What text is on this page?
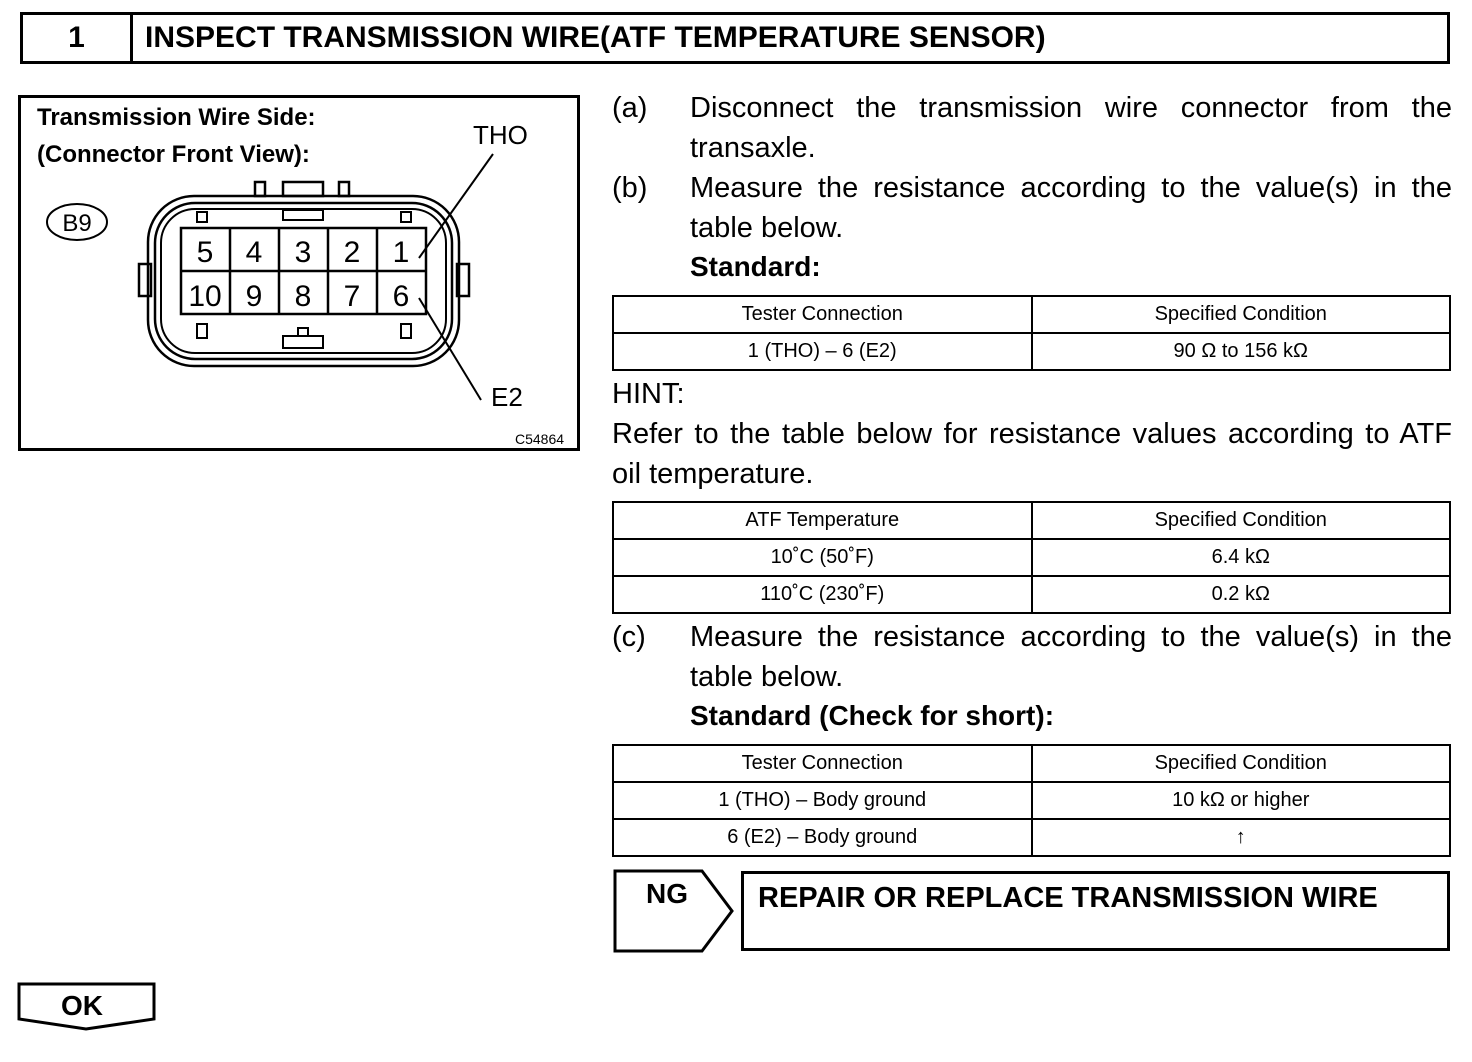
1	INSPECT TRANSMISSION WIRE(ATF TEMPERATURE SENSOR)
5 4 3 2 1
10 9 8 7 6
B9
THO
E2
C54864
Transmission Wire Side:
(Connector Front View):
(a)	Disconnect the transmission wire connector from the transaxle.
(b)	Measure the resistance according to the value(s) in the table below.
Standard:
Tester Connection	Specified Condition
1 (THO) – 6 (E2)	90 Ω to 156 kΩ
HINT:
Refer to the table below for resistance values according to ATF oil temperature.
ATF Temperature	Specified Condition
10˚C (50˚F)	6.4 kΩ
110˚C (230˚F)	0.2 kΩ
(c)	Measure the resistance according to the value(s) in the table below.
Standard (Check for short):
Tester Connection	Specified Condition
1 (THO) – Body ground	10 kΩ or higher
6 (E2) – Body ground	↑
NG	REPAIR OR REPLACE TRANSMISSION WIRE
OK
